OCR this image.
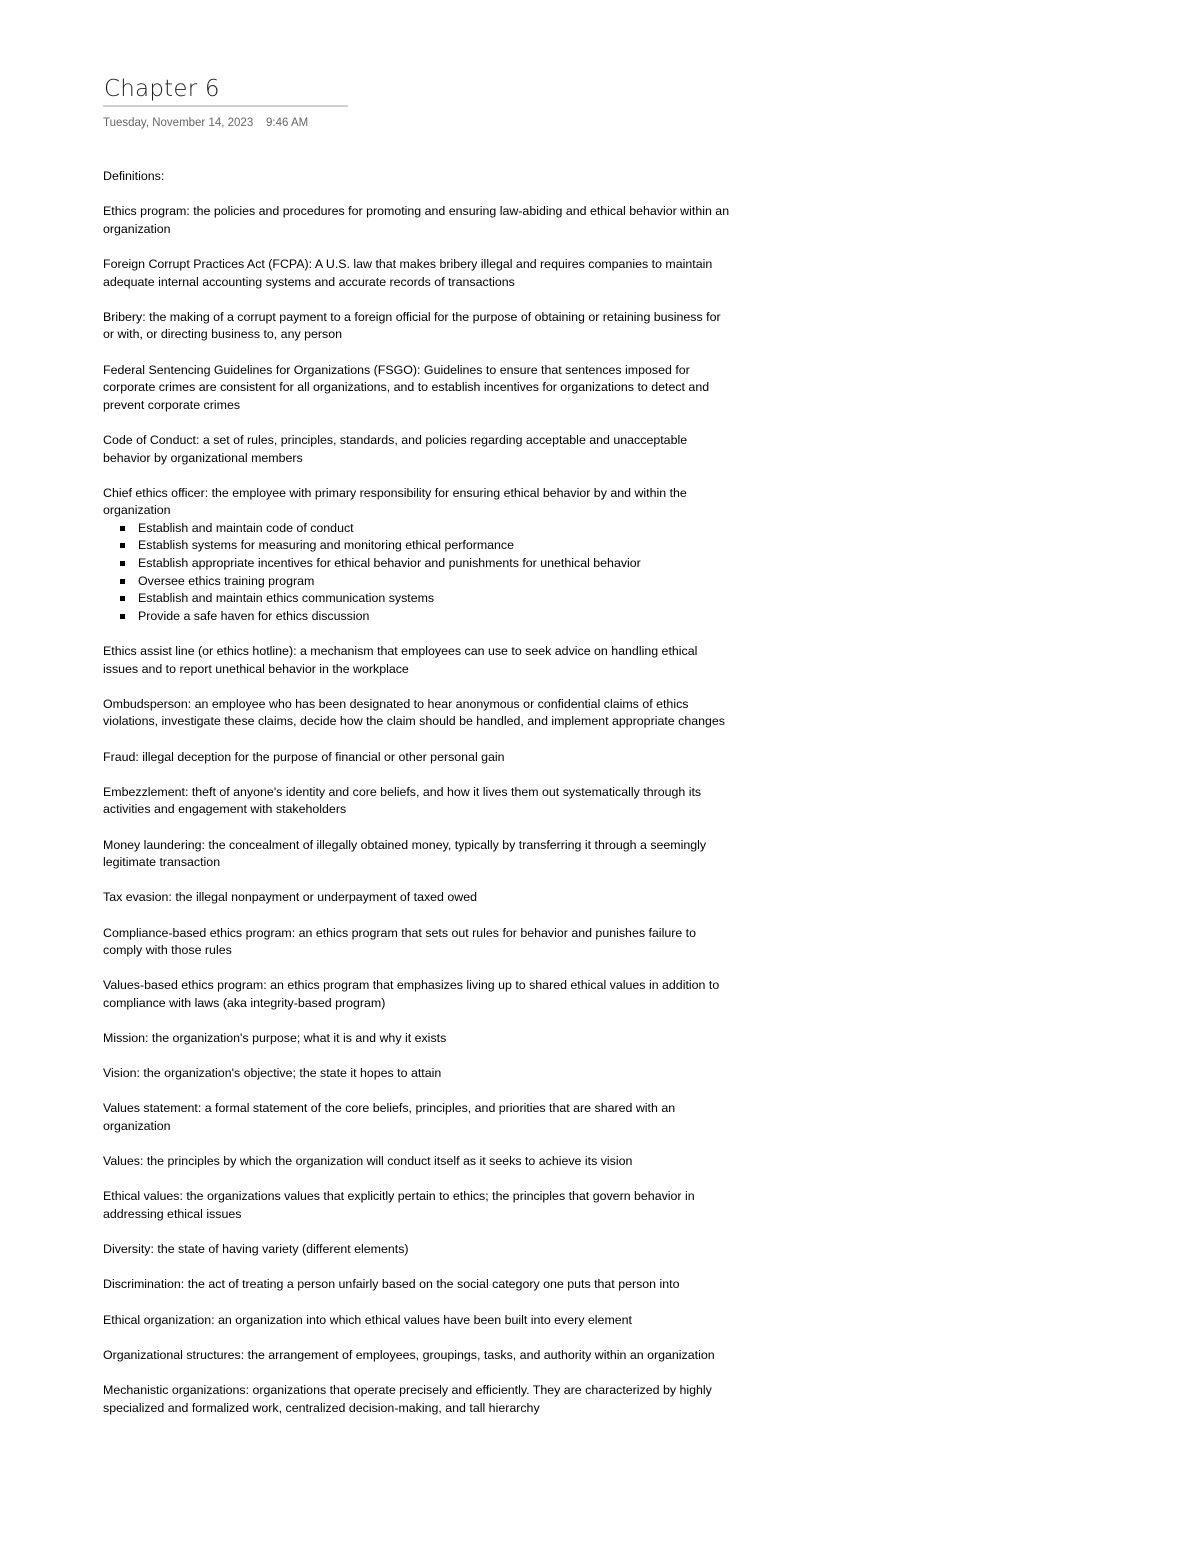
Chapter 6
Tuesday, November 14, 2023 9:46 AM

Definitions:

Ethics program: the policies and procedures for promoting and ensuring law-abiding and ethical behavior within an organization

Foreign Corrupt Practices Act (FCPA): A U.S. law that makes bribery illegal and requires companies to maintain adequate internal accounting systems and accurate records of transactions

Bribery: the making of a corrupt payment to a foreign official for the purpose of obtaining or retaining business for or with, or directing business to, any person

Federal Sentencing Guidelines for Organizations (FSGO): Guidelines to ensure that sentences imposed for corporate crimes are consistent for all organizations, and to establish incentives for organizations to detect and prevent corporate crimes

Code of Conduct: a set of rules, principles, standards, and policies regarding acceptable and unacceptable behavior by organizational members

Chief ethics officer: the employee with primary responsibility for ensuring ethical behavior by and within the organization

Establish and maintain code of conduct
Establish systems for measuring and monitoring ethical performance
Establish appropriate incentives for ethical behavior and punishments for unethical behavior
Oversee ethics training program
Establish and maintain ethics communication systems
Provide a safe haven for ethics discussion

Ethics assist line (or ethics hotline): a mechanism that employees can use to seek advice on handling ethical issues and to report unethical behavior in the workplace

Ombudsperson: an employee who has been designated to hear anonymous or confidential claims of ethics violations, investigate these claims, decide how the claim should be handled, and implement appropriate changes

Fraud: illegal deception for the purpose of financial or other personal gain

Embezzlement: theft of anyone's identity and core beliefs, and how it lives them out systematically through its activities and engagement with stakeholders

Money laundering: the concealment of illegally obtained money, typically by transferring it through a seemingly legitimate transaction

Tax evasion: the illegal nonpayment or underpayment of taxed owed

Compliance-based ethics program: an ethics program that sets out rules for behavior and punishes failure to comply with those rules

Values-based ethics program: an ethics program that emphasizes living up to shared ethical values in addition to compliance with laws (aka integrity-based program)

Mission: the organization's purpose; what it is and why it exists

Vision: the organization's objective; the state it hopes to attain

Values statement: a formal statement of the core beliefs, principles, and priorities that are shared with an organization

Values: the principles by which the organization will conduct itself as it seeks to achieve its vision

Ethical values: the organizations values that explicitly pertain to ethics; the principles that govern behavior in addressing ethical issues

Diversity: the state of having variety (different elements)

Discrimination: the act of treating a person unfairly based on the social category one puts that person into

Ethical organization: an organization into which ethical values have been built into every element

Organizational structures: the arrangement of employees, groupings, tasks, and authority within an organization

Mechanistic organizations: organizations that operate precisely and efficiently. They are characterized by highly specialized and formalized work, centralized decision-making, and tall hierarchy
